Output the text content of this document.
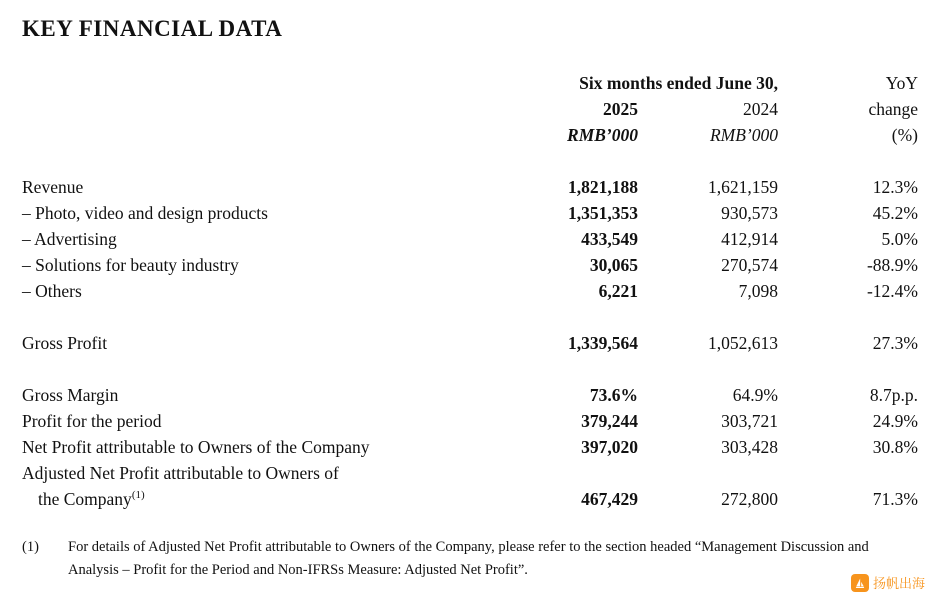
KEY FINANCIAL DATA
Six months ended June 30,	YoY
2025	2024	change
RMB’000	RMB’000	(%)
Revenue	1,821,188	1,621,159	12.3%
– Photo, video and design products	1,351,353	930,573	45.2%
– Advertising	433,549	412,914	5.0%
– Solutions for beauty industry	30,065	270,574	-88.9%
– Others	6,221	7,098	-12.4%
Gross Profit	1,339,564	1,052,613	27.3%
Gross Margin	73.6%	64.9%	8.7p.p.
Profit for the period	379,244	303,721	24.9%
Net Profit attributable to Owners of the Company	397,020	303,428	30.8%
Adjusted Net Profit attributable to Owners of
the Company$^{(1)}$	467,429	272,800	71.3%
(1)	For details of Adjusted Net Profit attributable to Owners of the Company, please refer to the section headed “Management Discussion and Analysis – Profit for the Period and Non-IFRSs Measure: Adjusted Net Profit”.
扬帆出海
